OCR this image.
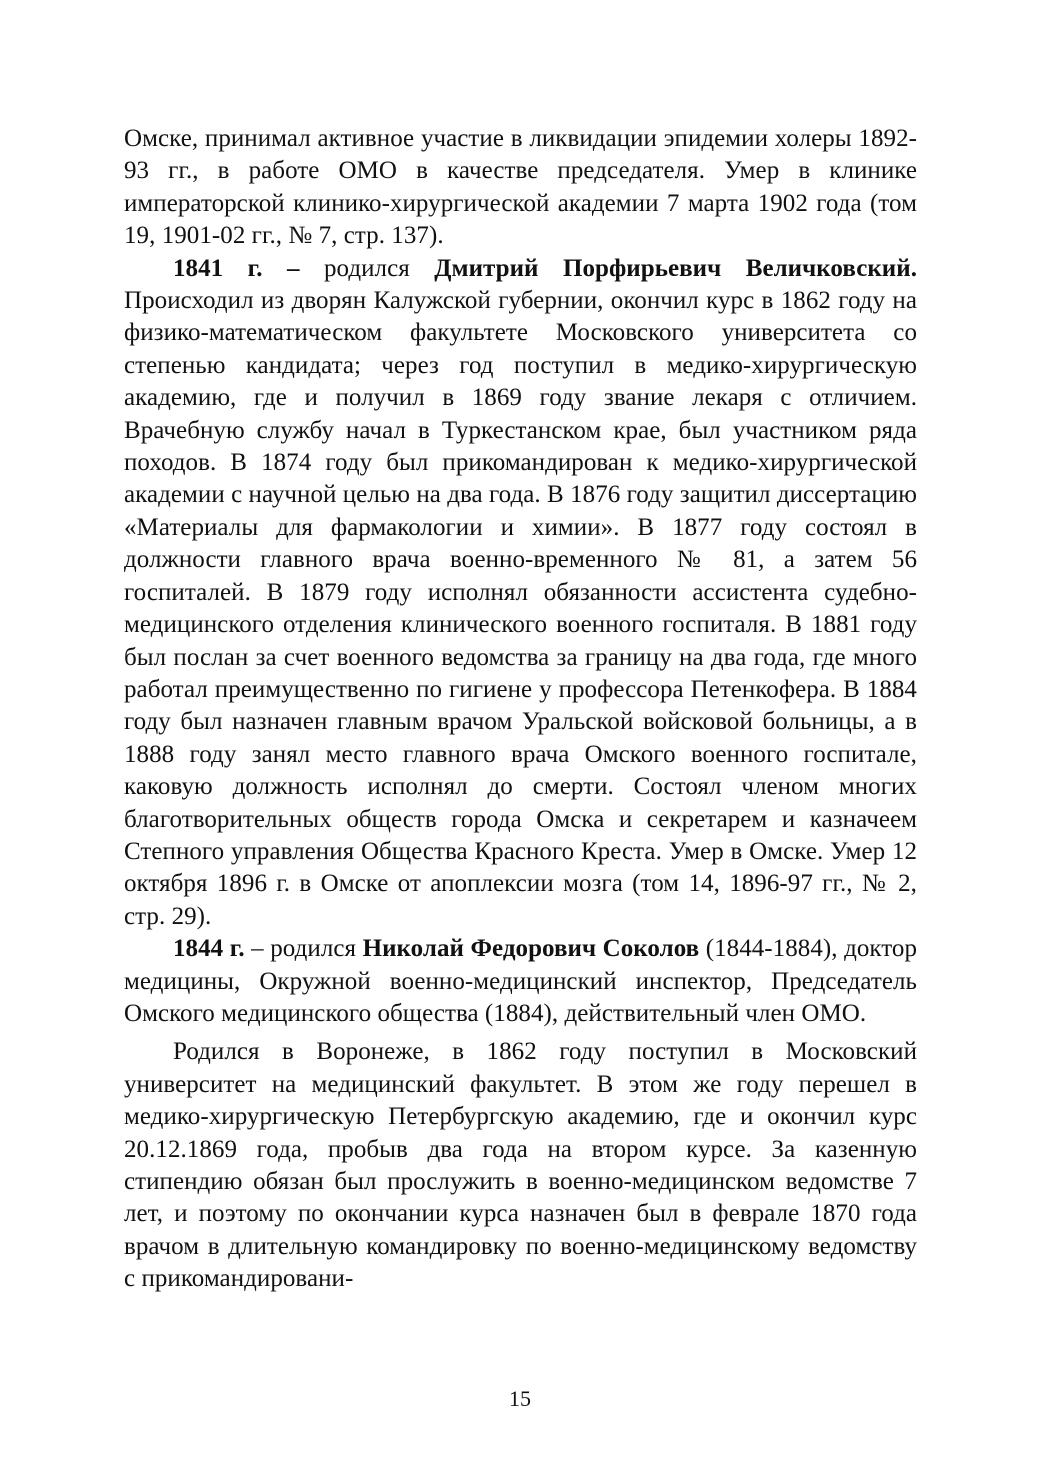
Омске, принимал активное участие в ликвидации эпидемии холеры 1892-93 гг., в работе ОМО в качестве председателя. Умер в клинике императорской клинико-хирургической академии 7 марта 1902 года (том 19, 1901-02 гг., № 7, стр. 137).

1841 г. – родился Дмитрий Порфирьевич Величковский. Происходил из дворян Калужской губернии, окончил курс в 1862 году на физико-математическом факультете Московского университета со степенью кандидата; через год поступил в медико-хирургическую академию, где и получил в 1869 году звание лекаря с отличием. Врачебную службу начал в Туркестанском крае, был участником ряда походов. В 1874 году был прикомандирован к медико-хирургической академии с научной целью на два года. В 1876 году защитил диссертацию «Материалы для фармакологии и химии». В 1877 году состоял в должности главного врача военно-временного № 81, а затем 56 госпиталей. В 1879 году исполнял обязанности ассистента судебно-медицинского отделения клинического военного госпиталя. В 1881 году был послан за счет военного ведомства за границу на два года, где много работал преимущественно по гигиене у профессора Петенкофера. В 1884 году был назначен главным врачом Уральской войсковой больницы, а в 1888 году занял место главного врача Омского военного госпитале, каковую должность исполнял до смерти. Состоял членом многих благотворительных обществ города Омска и секретарем и казначеем Степного управления Общества Красного Креста. Умер в Омске. Умер 12 октября 1896 г. в Омске от апоплексии мозга (том 14, 1896-97 гг., № 2, стр. 29).

1844 г. – родился Николай Федорович Соколов (1844-1884), доктор медицины, Окружной военно-медицинский инспектор, Председатель Омского медицинского общества (1884), действительный член ОМО.

Родился в Воронеже, в 1862 году поступил в Московский университет на медицинский факультет. В этом же году перешел в медико-хирургическую Петербургскую академию, где и окончил курс 20.12.1869 года, пробыв два года на втором курсе. За казенную стипендию обязан был прослужить в военно-медицинском ведомстве 7 лет, и поэтому по окончании курса назначен был в феврале 1870 года врачом в длительную командировку по военно-медицинскому ведомству с прикомандировани-

15
